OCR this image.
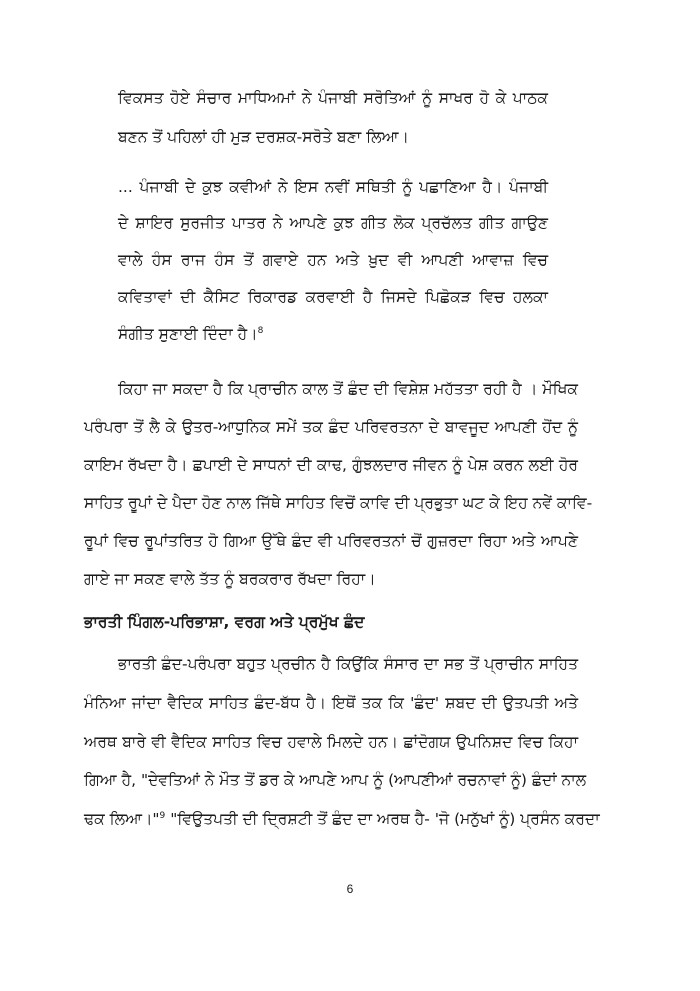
ਵਿਕਸਤ ਹੋਏ ਸੰਚਾਰ ਮਾਧਿਅਮਾਂ ਨੇ ਪੰਜਾਬੀ ਸਰੋਤਿਆਂ ਨੂੰ ਸਾਖਰ ਹੋ ਕੇ ਪਾਠਕ
ਬਣਨ ਤੋਂ ਪਹਿਲਾਂ ਹੀ ਮੁੜ ਦਰਸ਼ਕ-ਸਰੋਤੇ ਬਣਾ ਲਿਆ।
... ਪੰਜਾਬੀ ਦੇ ਕੁਝ ਕਵੀਆਂ ਨੇ ਇਸ ਨਵੀਂ ਸਥਿਤੀ ਨੂੰ ਪਛਾਣਿਆ ਹੈ। ਪੰਜਾਬੀ
ਦੇ ਸ਼ਾਇਰ ਸੁਰਜੀਤ ਪਾਤਰ ਨੇ ਆਪਣੇ ਕੁਝ ਗੀਤ ਲੋਕ ਪ੍ਰਚੱਲਤ ਗੀਤ ਗਾਉਣ
ਵਾਲੇ ਹੰਸ ਰਾਜ ਹੰਸ ਤੋਂ ਗਵਾਏ ਹਨ ਅਤੇ ਖ਼ੁਦ ਵੀ ਆਪਣੀ ਆਵਾਜ਼ ਵਿਚ
ਕਵਿਤਾਵਾਂ ਦੀ ਕੈਸਿਟ ਰਿਕਾਰਡ ਕਰਵਾਈ ਹੈ ਜਿਸਦੇ ਪਿਛੋਕੜ ਵਿਚ ਹਲਕਾ
ਸੰਗੀਤ ਸੁਣਾਈ ਦਿੰਦਾ ਹੈ।$^8$
ਕਿਹਾ ਜਾ ਸਕਦਾ ਹੈ ਕਿ ਪ੍ਰਾਚੀਨ ਕਾਲ ਤੋਂ ਛੰਦ ਦੀ ਵਿਸ਼ੇਸ਼ ਮਹੱਤਤਾ ਰਹੀ ਹੈ । ਮੌਖਿਕ
ਪਰੰਪਰਾ ਤੋਂ ਲੈ ਕੇ ਉਤਰ-ਆਧੁਨਿਕ ਸਮੇਂ ਤਕ ਛੰਦ ਪਰਿਵਰਤਨਾ ਦੇ ਬਾਵਜੂਦ ਆਪਣੀ ਹੋਂਦ ਨੂੰ
ਕਾਇਮ ਰੱਖਦਾ ਹੈ। ਛਪਾਈ ਦੇ ਸਾਧਨਾਂ ਦੀ ਕਾਢ, ਗੁੰਝਲਦਾਰ ਜੀਵਨ ਨੂੰ ਪੇਸ਼ ਕਰਨ ਲਈ ਹੋਰ
ਸਾਹਿਤ ਰੂਪਾਂ ਦੇ ਪੈਦਾ ਹੋਣ ਨਾਲ ਜਿੱਥੇ ਸਾਹਿਤ ਵਿਚੋਂ ਕਾਵਿ ਦੀ ਪ੍ਰਭੁਤਾ ਘਟ ਕੇ ਇਹ ਨਵੇਂ ਕਾਵਿ-
ਰੂਪਾਂ ਵਿਚ ਰੂਪਾਂਤਰਿਤ ਹੋ ਗਿਆ ਉੱਥੇ ਛੰਦ ਵੀ ਪਰਿਵਰਤਨਾਂ ਚੋਂ ਗੁਜ਼ਰਦਾ ਰਿਹਾ ਅਤੇ ਆਪਣੇ
ਗਾਏ ਜਾ ਸਕਣ ਵਾਲੇ ਤੱਤ ਨੂੰ ਬਰਕਰਾਰ ਰੱਖਦਾ ਰਿਹਾ।
ਭਾਰਤੀ ਪਿੰਗਲ-ਪਰਿਭਾਸ਼ਾ, ਵਰਗ ਅਤੇ ਪ੍ਰਮੁੱਖ ਛੰਦ
ਭਾਰਤੀ ਛੰਦ-ਪਰੰਪਰਾ ਬਹੁਤ ਪ੍ਰਚੀਨ ਹੈ ਕਿਉਂਕਿ ਸੰਸਾਰ ਦਾ ਸਭ ਤੋਂ ਪ੍ਰਾਚੀਨ ਸਾਹਿਤ
ਮੰਨਿਆ ਜਾਂਦਾ ਵੈਦਿਕ ਸਾਹਿਤ ਛੰਦ-ਬੱਧ ਹੈ। ਇਥੋਂ ਤਕ ਕਿ 'ਛੰਦ' ਸ਼ਬਦ ਦੀ ਉਤਪਤੀ ਅਤੇ
ਅਰਥ ਬਾਰੇ ਵੀ ਵੈਦਿਕ ਸਾਹਿਤ ਵਿਚ ਹਵਾਲੇ ਮਿਲਦੇ ਹਨ। ਛਾਂਦੋਗਯ ਉਪਨਿਸ਼ਦ ਵਿਚ ਕਿਹਾ
ਗਿਆ ਹੈ, "ਦੇਵਤਿਆਂ ਨੇ ਮੌਤ ਤੋਂ ਡਰ ਕੇ ਆਪਣੇ ਆਪ ਨੂੰ (ਆਪਣੀਆਂ ਰਚਨਾਵਾਂ ਨੂੰ) ਛੰਦਾਂ ਨਾਲ
ਢਕ ਲਿਆ।"$^9$ "ਵਿਉਤਪਤੀ ਦੀ ਦ੍ਰਿਸ਼ਟੀ ਤੋਂ ਛੰਦ ਦਾ ਅਰਥ ਹੈ- 'ਜੋ (ਮਨੁੱਖਾਂ ਨੂੰ) ਪ੍ਰਸੰਨ ਕਰਦਾ
6
